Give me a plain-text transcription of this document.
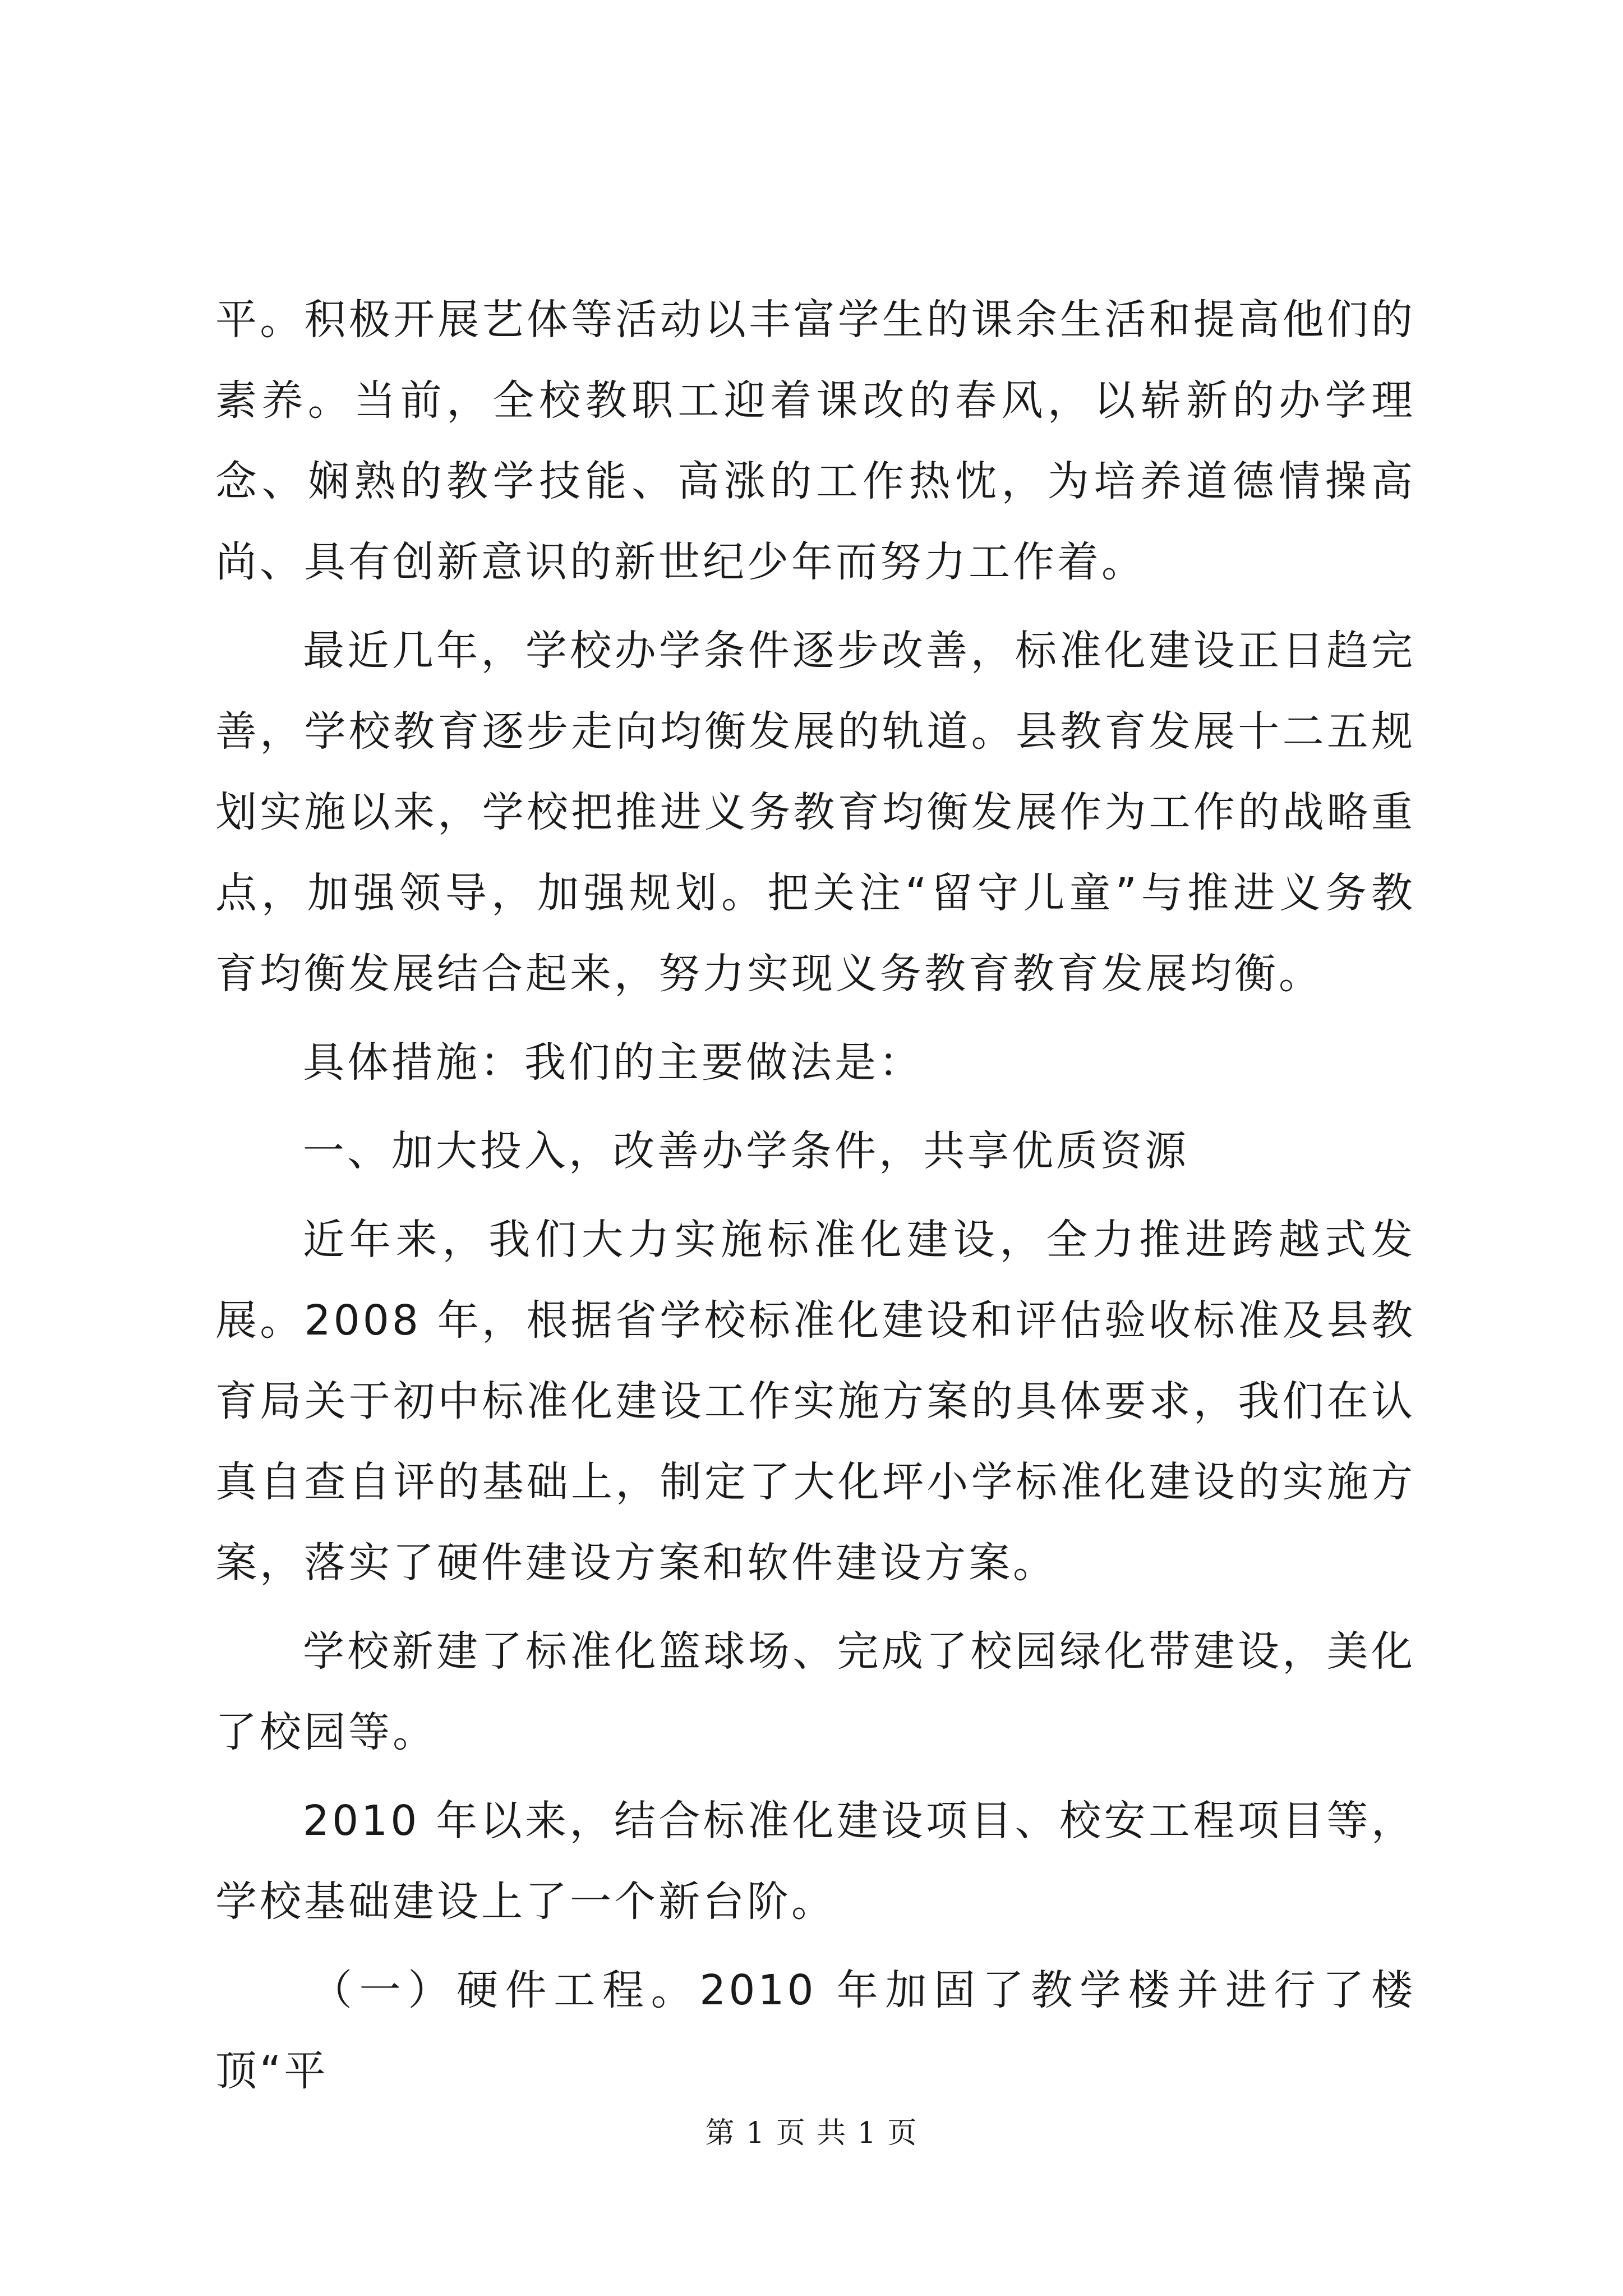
平。积极开展艺体等活动以丰富学生的课余生活和提高他们的素养。当前，全校教职工迎着课改的春风，以崭新的办学理念、娴熟的教学技能、高涨的工作热忱，为培养道德情操高尚、具有创新意识的新世纪少年而努力工作着。

最近几年，学校办学条件逐步改善，标准化建设正日趋完善，学校教育逐步走向均衡发展的轨道。县教育发展十二五规划实施以来，学校把推进义务教育均衡发展作为工作的战略重点，加强领导，加强规划。把关注“留守儿童”与推进义务教育均衡发展结合起来，努力实现义务教育教育发展均衡。

具体措施：我们的主要做法是：

一、加大投入，改善办学条件，共享优质资源

近年来，我们大力实施标准化建设，全力推进跨越式发展。2008 年，根据省学校标准化建设和评估验收标准及县教育局关于初中标准化建设工作实施方案的具体要求，我们在认真自查自评的基础上，制定了大化坪小学标准化建设的实施方案，落实了硬件建设方案和软件建设方案。

学校新建了标准化篮球场、完成了校园绿化带建设，美化了校园等。

2010 年以来，结合标准化建设项目、校安工程项目等，学校基础建设上了一个新台阶。

（一）硬件工程。2010 年加固了教学楼并进行了楼顶“平

第 1 页 共 1 页
